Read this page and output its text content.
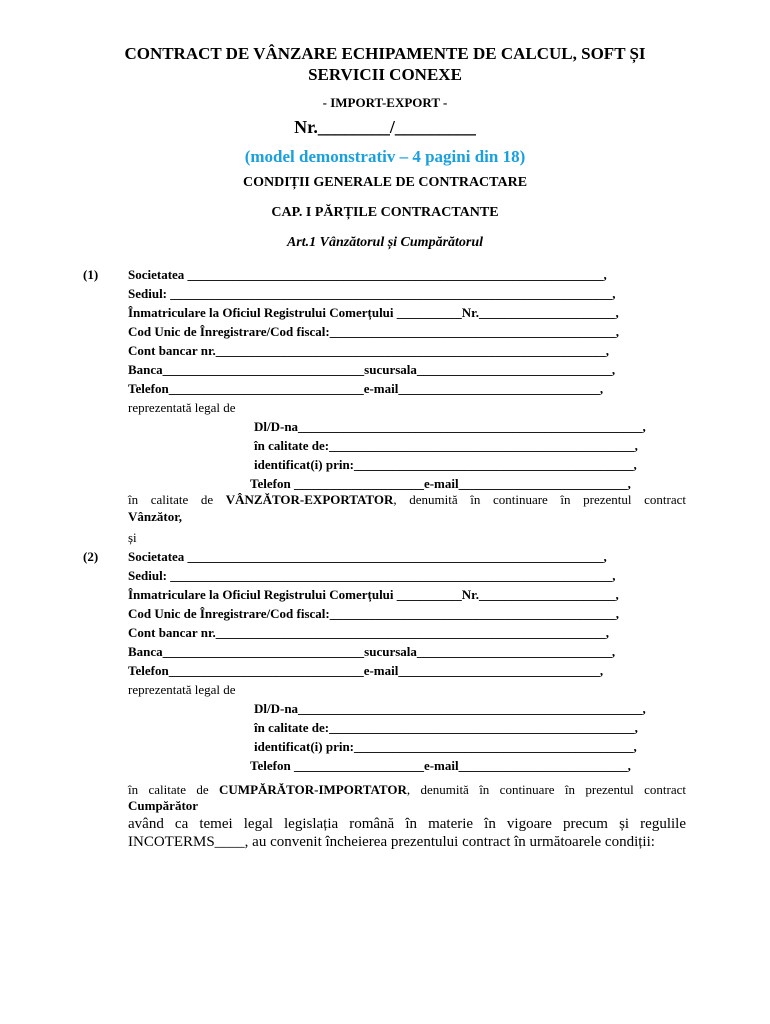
CONTRACT DE VÂNZARE ECHIPAMENTE DE CALCUL, SOFT ȘI
SERVICII CONEXE
- IMPORT-EXPORT -
Nr.________/_________
(model demonstrativ – 4 pagini din 18)
CONDIȚII GENERALE DE CONTRACTARE
CAP. I PĂRȚILE CONTRACTANTE
Art.1 Vânzătorul și Cumpărătorul
(1) Societatea ________________________________________________________________,
Sediul: ____________________________________________________________________,
Înmatriculare la Oficiul Registrului Comerțului __________Nr._____________________,
Cod Unic de Înregistrare/Cod fiscal:____________________________________________,
Cont bancar nr.____________________________________________________________,
Banca_______________________________sucursala______________________________,
Telefon______________________________e-mail_______________________________,
reprezentată legal de
Dl/D-na_____________________________________________________,
în calitate de:_______________________________________________,
identificat(i) prin:___________________________________________,
Telefon ____________________e-mail__________________________,
în calitate de VÂNZĂTOR-EXPORTATOR, denumită în continuare în prezentul contract
Vânzător,
și
(2) Societatea ________________________________________________________________,
Sediul: ____________________________________________________________________,
Înmatriculare la Oficiul Registrului Comerțului __________Nr._____________________,
Cod Unic de Înregistrare/Cod fiscal:____________________________________________,
Cont bancar nr.____________________________________________________________,
Banca_______________________________sucursala______________________________,
Telefon______________________________e-mail_______________________________,
reprezentată legal de
Dl/D-na_____________________________________________________,
în calitate de:_______________________________________________,
identificat(i) prin:___________________________________________,
Telefon ____________________e-mail__________________________,
în calitate de CUMPĂRĂTOR-IMPORTATOR, denumită în continuare în prezentul contract
Cumpărător
având ca temei legal legislația română în materie în vigoare precum și regulile
INCOTERMS____, au convenit încheierea prezentului contract în următoarele condiții:
